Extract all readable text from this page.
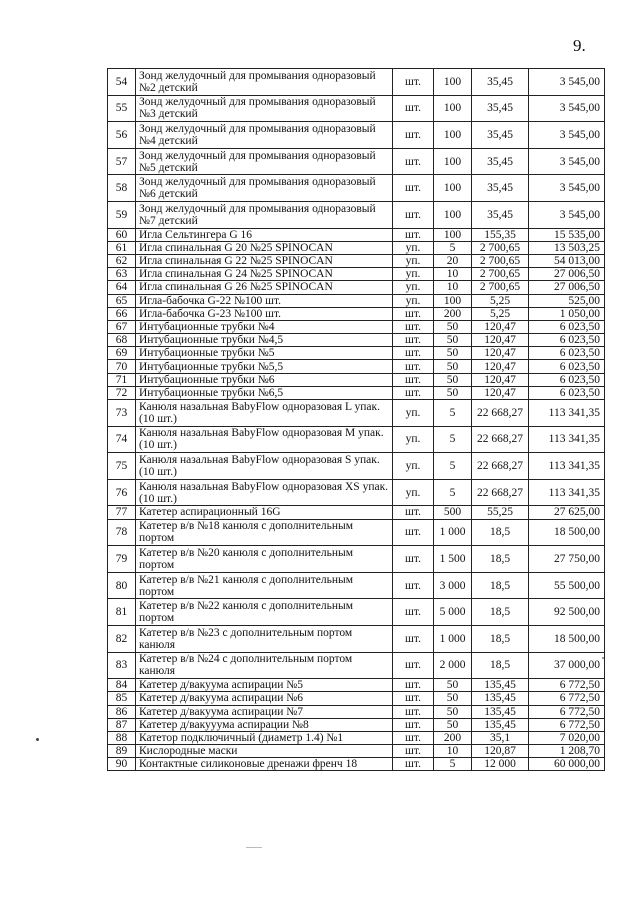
9.
54	Зонд желудочный для промывания одноразовый №2 детский	шт.	100	35,45	3 545,00
55	Зонд желудочный для промывания одноразовый №3 детский	шт.	100	35,45	3 545,00
56	Зонд желудочный для промывания одноразовый №4 детский	шт.	100	35,45	3 545,00
57	Зонд желудочный для промывания одноразовый №5 детский	шт.	100	35,45	3 545,00
58	Зонд желудочный для промывания одноразовый №6 детский	шт.	100	35,45	3 545,00
59	Зонд желудочный для промывания одноразовый №7 детский	шт.	100	35,45	3 545,00
60	Игла Сельтингера G 16	шт.	100	155,35	15 535,00
61	Игла спинальная G 20 №25 SPINOCAN	уп.	5	2 700,65	13 503,25
62	Игла спинальная G 22 №25 SPINOCAN	уп.	20	2 700,65	54 013,00
63	Игла спинальная G 24 №25 SPINOCAN	уп.	10	2 700,65	27 006,50
64	Игла спинальная G 26 №25 SPINOCAN	уп.	10	2 700,65	27 006,50
65	Игла-бабочка G-22 №100 шт.	уп.	100	5,25	525,00
66	Игла-бабочка G-23 №100 шт.	шт.	200	5,25	1 050,00
67	Интубационные трубки №4	шт.	50	120,47	6 023,50
68	Интубационные трубки №4,5	шт.	50	120,47	6 023,50
69	Интубационные трубки №5	шт.	50	120,47	6 023,50
70	Интубационные трубки №5,5	шт.	50	120,47	6 023,50
71	Интубационные трубки №6	шт.	50	120,47	6 023,50
72	Интубационные трубки №6,5	шт.	50	120,47	6 023,50
73	Канюля назальная BabyFlow одноразовая L упак. (10 шт.)	уп.	5	22 668,27	113 341,35
74	Канюля назальная BabyFlow одноразовая M упак. (10 шт.)	уп.	5	22 668,27	113 341,35
75	Канюля назальная BabyFlow одноразовая S упак. (10 шт.)	уп.	5	22 668,27	113 341,35
76	Канюля назальная BabyFlow одноразовая XS упак. (10 шт.)	уп.	5	22 668,27	113 341,35
77	Катетер аспирационный 16G	шт.	500	55,25	27 625,00
78	Катетер в/в №18 канюля с дополнительным портом	шт.	1 000	18,5	18 500,00
79	Катетер в/в №20 канюля с дополнительным портом	шт.	1 500	18,5	27 750,00
80	Катетер в/в №21 канюля с дополнительным портом	шт.	3 000	18,5	55 500,00
81	Катетер в/в №22 канюля с дополнительным портом	шт.	5 000	18,5	92 500,00
82	Катетер в/в №23 с дополнительным портом канюля	шт.	1 000	18,5	18 500,00
83	Катетер в/в №24 с дополнительным портом канюля	шт.	2 000	18,5	37 000,00
84	Катетер д/вакуума аспирации №5	шт.	50	135,45	6 772,50
85	Катетер д/вакуума аспирации №6	шт.	50	135,45	6 772,50
86	Катетер д/вакуума аспирации №7	шт.	50	135,45	6 772,50
87	Катетер д/вакууума аспирации №8	шт.	50	135,45	6 772,50
88	Катетор подключичный (диаметр 1.4) №1	шт.	200	35,1	7 020,00
89	Кислородные маски	шт.	10	120,87	1 208,70
90	Контактные силиконовые дренажи френч 18	шт.	5	12 000	60 000,00
